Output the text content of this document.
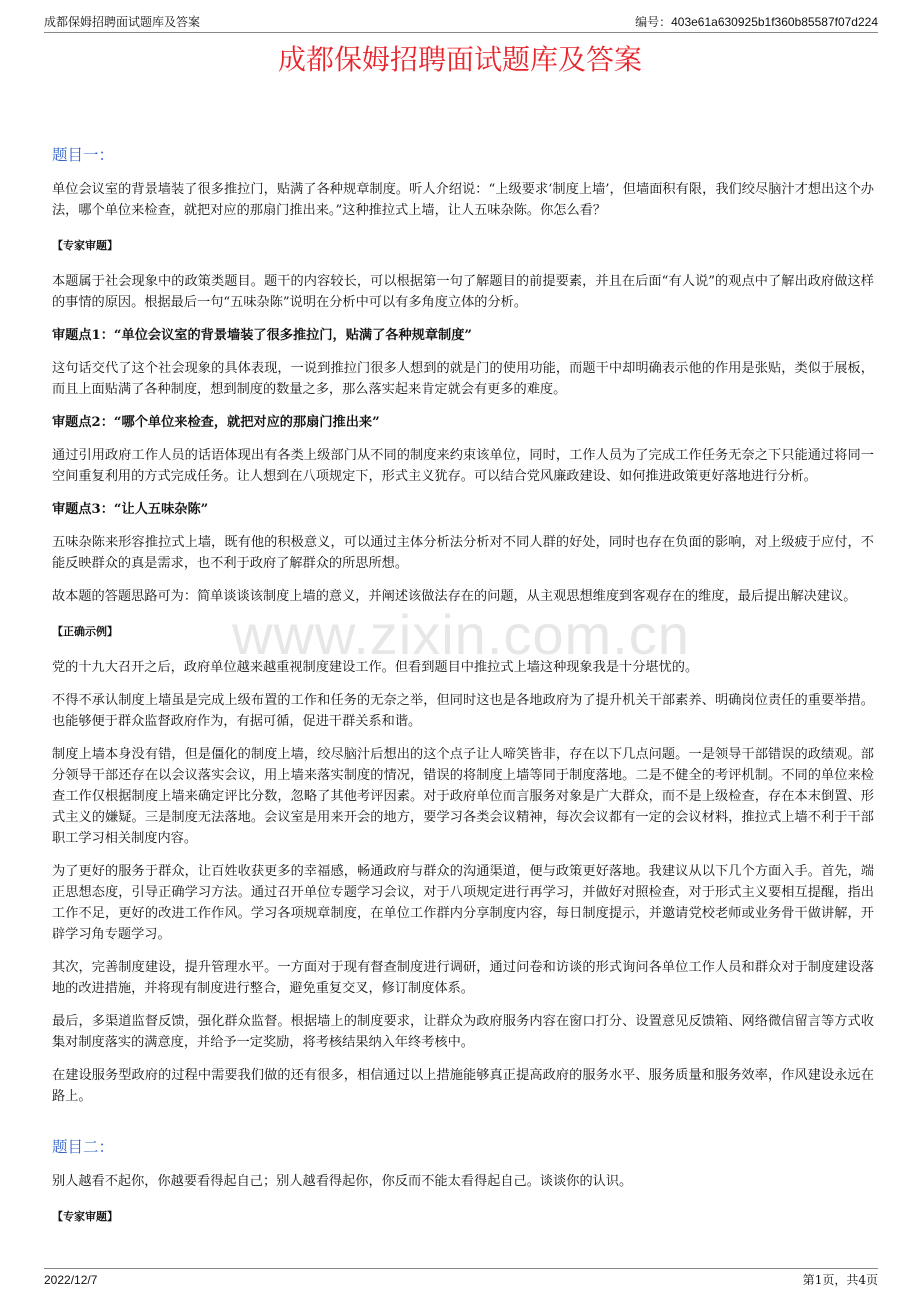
成都保姆招聘面试题库及答案	编号：403e61a630925b1f360b85587f07d224
成都保姆招聘面试题库及答案
www.zixin.com.cn
题目一：

单位会议室的背景墙装了很多推拉门，贴满了各种规章制度。听人介绍说：“上级要求‘制度上墙’，但墙面积有限，我们绞尽脑汁才想出这个办法，哪个单位来检查，就把对应的那扇门推出来。”这种推拉式上墙，让人五味杂陈。你怎么看？

【专家审题】

本题属于社会现象中的政策类题目。题干的内容较长，可以根据第一句了解题目的前提要素，并且在后面“有人说”的观点中了解出政府做这样的事情的原因。根据最后一句“五味杂陈”说明在分析中可以有多角度立体的分析。

审题点1：“单位会议室的背景墙装了很多推拉门，贴满了各种规章制度”

这句话交代了这个社会现象的具体表现，一说到推拉门很多人想到的就是门的使用功能，而题干中却明确表示他的作用是张贴，类似于展板，而且上面贴满了各种制度，想到制度的数量之多，那么落实起来肯定就会有更多的难度。

审题点2：“哪个单位来检查，就把对应的那扇门推出来”

通过引用政府工作人员的话语体现出有各类上级部门从不同的制度来约束该单位，同时，工作人员为了完成工作任务无奈之下只能通过将同一空间重复利用的方式完成任务。让人想到在八项规定下，形式主义犹存。可以结合党风廉政建设、如何推进政策更好落地进行分析。

审题点3：“让人五味杂陈”

五味杂陈来形容推拉式上墙，既有他的积极意义，可以通过主体分析法分析对不同人群的好处，同时也存在负面的影响，对上级疲于应付，不能反映群众的真是需求，也不利于政府了解群众的所思所想。

故本题的答题思路可为：简单谈谈该制度上墙的意义，并阐述该做法存在的问题，从主观思想维度到客观存在的维度，最后提出解决建议。

【正确示例】

党的十九大召开之后，政府单位越来越重视制度建设工作。但看到题目中推拉式上墙这种现象我是十分堪忧的。

不得不承认制度上墙虽是完成上级布置的工作和任务的无奈之举，但同时这也是各地政府为了提升机关干部素养、明确岗位责任的重要举措。也能够便于群众监督政府作为，有据可循，促进干群关系和谐。

制度上墙本身没有错，但是僵化的制度上墙，绞尽脑汁后想出的这个点子让人啼笑皆非，存在以下几点问题。一是领导干部错误的政绩观。部分领导干部还存在以会议落实会议，用上墙来落实制度的情况，错误的将制度上墙等同于制度落地。二是不健全的考评机制。不同的单位来检查工作仅根据制度上墙来确定评比分数，忽略了其他考评因素。对于政府单位而言服务对象是广大群众，而不是上级检查，存在本末倒置、形式主义的嫌疑。三是制度无法落地。会议室是用来开会的地方，要学习各类会议精神，每次会议都有一定的会议材料，推拉式上墙不利于干部职工学习相关制度内容。

为了更好的服务于群众，让百姓收获更多的幸福感，畅通政府与群众的沟通渠道，便与政策更好落地。我建议从以下几个方面入手。首先，端正思想态度，引导正确学习方法。通过召开单位专题学习会议，对于八项规定进行再学习，并做好对照检查，对于形式主义要相互提醒，指出工作不足，更好的改进工作作风。学习各项规章制度，在单位工作群内分享制度内容，每日制度提示，并邀请党校老师或业务骨干做讲解，开辟学习角专题学习。

其次，完善制度建设，提升管理水平。一方面对于现有督查制度进行调研，通过问卷和访谈的形式询问各单位工作人员和群众对于制度建设落地的改进措施，并将现有制度进行整合，避免重复交叉，修订制度体系。

最后，多渠道监督反馈，强化群众监督。根据墙上的制度要求，让群众为政府服务内容在窗口打分、设置意见反馈箱、网络微信留言等方式收集对制度落实的满意度，并给予一定奖励，将考核结果纳入年终考核中。

在建设服务型政府的过程中需要我们做的还有很多，相信通过以上措施能够真正提高政府的服务水平、服务质量和服务效率，作风建设永远在路上。

题目二：

别人越看不起你，你越要看得起自己；别人越看得起你，你反而不能太看得起自己。谈谈你的认识。

【专家审题】
2022/12/7	第1页，共4页
